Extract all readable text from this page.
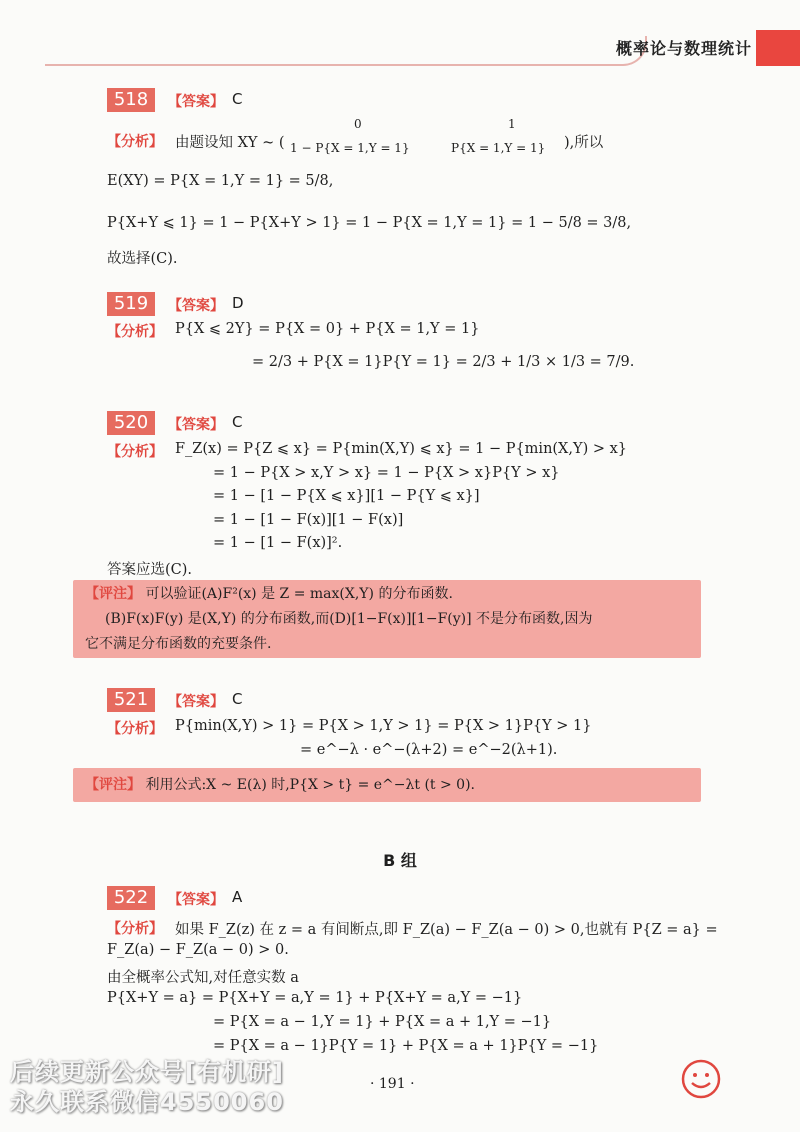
概率论与数理统计
518	【答案】 C
【分析】 由题设知 XY ~ (
0	1
1 − P{X = 1,Y = 1}	P{X = 1,Y = 1} ),所以
E(XY) = P{X = 1,Y = 1} = 5/8,
P{X+Y ⩽ 1} = 1 − P{X+Y > 1} = 1 − P{X = 1,Y = 1} = 1 − 5/8 = 3/8,
故选择(C).
519	【答案】 D
【分析】 P{X ⩽ 2Y} = P{X = 0} + P{X = 1,Y = 1}
= 2/3 + P{X = 1}P{Y = 1} = 2/3 + 1/3 × 1/3 = 7/9.
520	【答案】 C
【分析】 F_Z(x) = P{Z ⩽ x} = P{min(X,Y) ⩽ x} = 1 − P{min(X,Y) > x}
= 1 − P{X > x,Y > x} = 1 − P{X > x}P{Y > x}
= 1 − [1 − P{X ⩽ x}][1 − P{Y ⩽ x}]
= 1 − [1 − F(x)][1 − F(x)]
= 1 − [1 − F(x)]².
答案应选(C).
【评注】 可以验证(A)F²(x) 是 Z = max(X,Y) 的分布函数.
(B)F(x)F(y) 是(X,Y) 的分布函数,而(D)[1−F(x)][1−F(y)] 不是分布函数,因为
它不满足分布函数的充要条件.
521	【答案】 C
【分析】 P{min(X,Y) > 1} = P{X > 1,Y > 1} = P{X > 1}P{Y > 1}
= e^−λ · e^−(λ+2) = e^−2(λ+1).
【评注】 利用公式:X ~ E(λ) 时,P{X > t} = e^−λt (t > 0).
B 组
522	【答案】 A
【分析】 如果 F_Z(z) 在 z = a 有间断点,即 F_Z(a) − F_Z(a − 0) > 0,也就有 P{Z = a} =
F_Z(a) − F_Z(a − 0) > 0.
由全概率公式知,对任意实数 a
P{X+Y = a} = P{X+Y = a,Y = 1} + P{X+Y = a,Y = −1}
= P{X = a − 1,Y = 1} + P{X = a + 1,Y = −1}
= P{X = a − 1}P{Y = 1} + P{X = a + 1}P{Y = −1}
· 191 ·
后续更新公众号[有机研]
永久联系微信4550060
